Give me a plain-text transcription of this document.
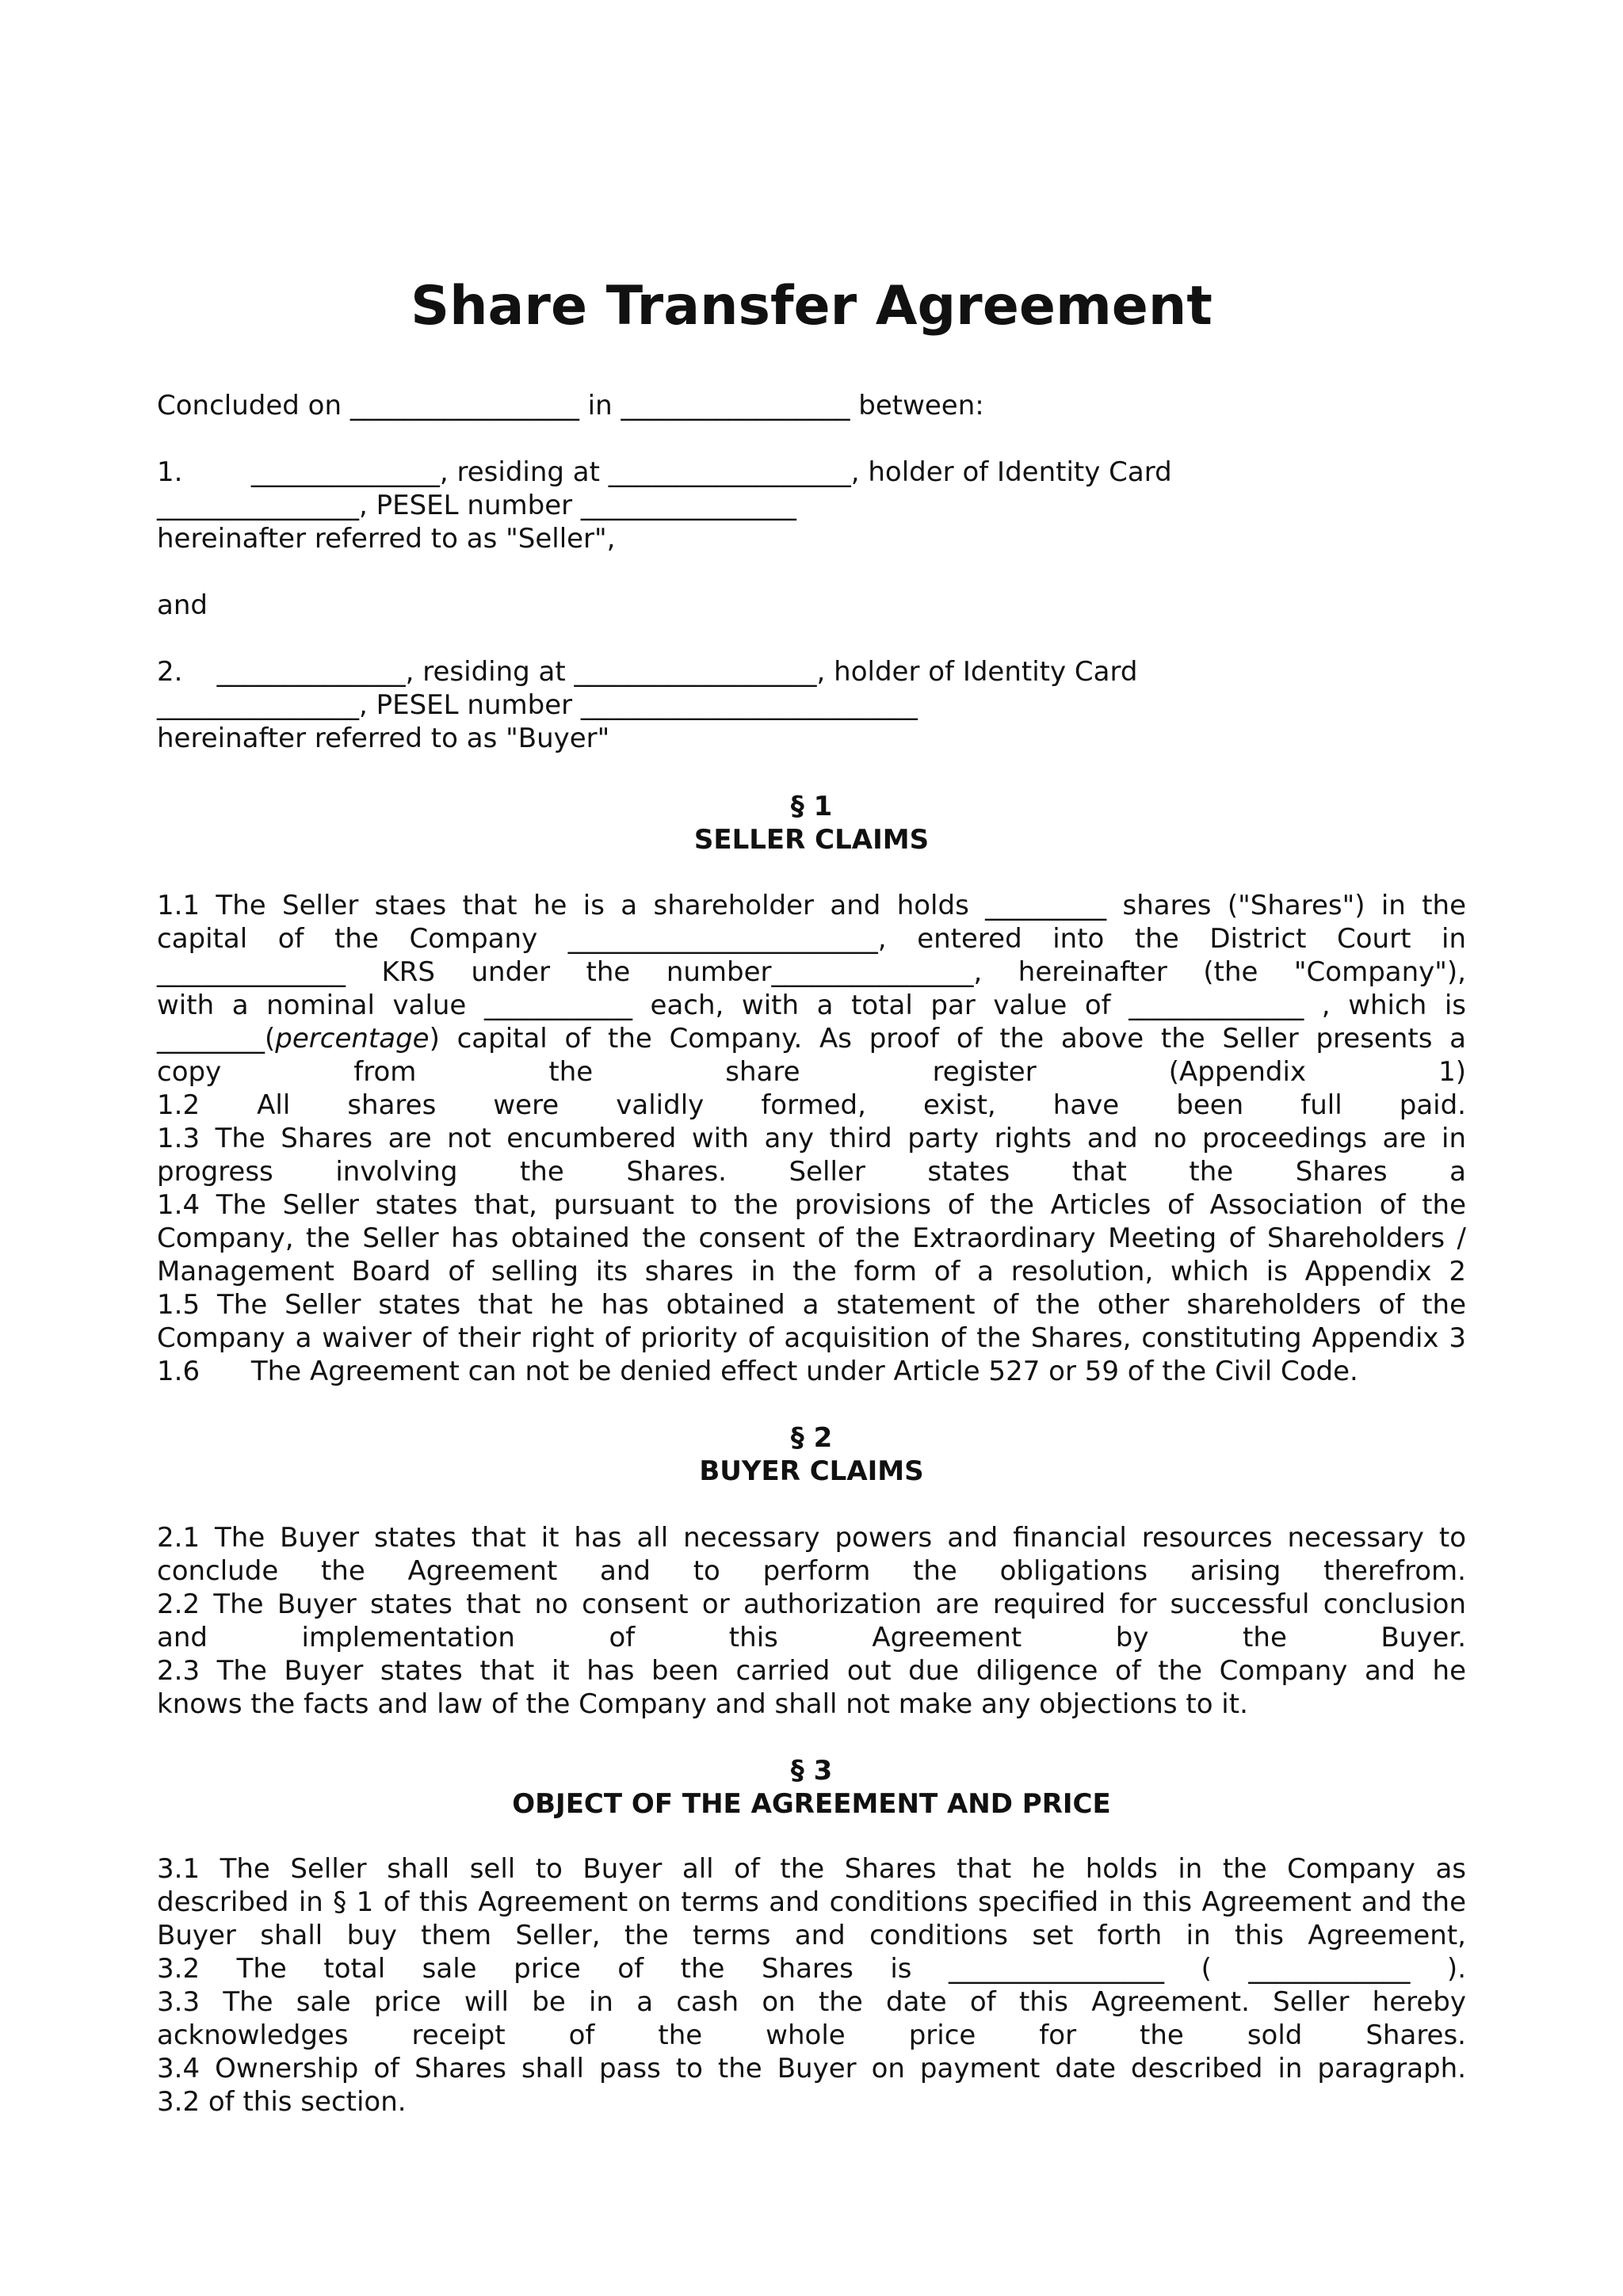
Share Transfer Agreement

Concluded on _________________ in _________________ between:

1.        ______________, residing at __________________, holder of Identity Card

_______________, PESEL number ________________

hereinafter referred to as "Seller",

and

2.    ______________, residing at __________________, holder of Identity Card

_______________, PESEL number _________________________

hereinafter referred to as "Buyer"

§ 1

SELLER CLAIMS

1.1 The Seller staes that he is a shareholder and holds _________ shares ("Shares") in the

capital of the Company _______________________, entered into the District Court in

______________ KRS under the number_______________, hereinafter (the "Company"),

with a nominal value ___________ each, with a total par value of _____________ , which is

________(percentage) capital of the Company. As proof of the above the Seller presents a

copy from the share register (Appendix 1)

1.2 All shares were validly formed, exist, have been full paid.

1.3 The Shares are not encumbered with any third party rights and no proceedings are in

progress involving the Shares. Seller states that the Shares a

1.4 The Seller states that, pursuant to the provisions of the Articles of Association of the

Company, the Seller has obtained the consent of the Extraordinary Meeting of Shareholders /

Management Board of selling its shares in the form of a resolution, which is Appendix 2

1.5 The Seller states that he has obtained a statement of the other shareholders of the

Company a waiver of their right of priority of acquisition of the Shares, constituting Appendix 3

1.6      The Agreement can not be denied effect under Article 527 or 59 of the Civil Code.

§ 2

BUYER CLAIMS

2.1 The Buyer states that it has all necessary powers and financial resources necessary to

conclude the Agreement and to perform the obligations arising therefrom.

2.2 The Buyer states that no consent or authorization are required for successful conclusion

and implementation of this Agreement by the Buyer.

2.3 The Buyer states that it has been carried out due diligence of the Company and he

knows the facts and law of the Company and shall not make any objections to it.

§ 3

OBJECT OF THE AGREEMENT AND PRICE

3.1 The Seller shall sell to Buyer all of the Shares that he holds in the Company as

described in § 1 of this Agreement on terms and conditions specified in this Agreement and the

Buyer shall buy them Seller, the terms and conditions set forth in this Agreement,

3.2 The total sale price of the Shares is ________________ ( ____________ ).

3.3 The sale price will be in a cash on the date of this Agreement. Seller hereby

acknowledges receipt of the whole price for the sold Shares.

3.4 Ownership of Shares shall pass to the Buyer on payment date described in paragraph.

3.2 of this section.
